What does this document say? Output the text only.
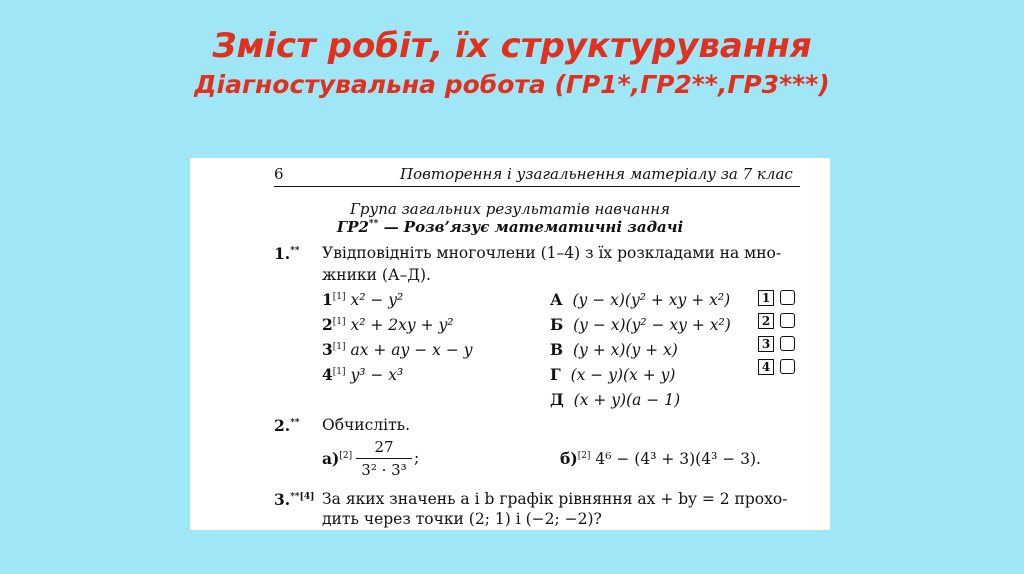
Зміст робіт, їх структурування
Діагностувальна робота (ГР1*,ГР2**,ГР3***)
6	Повторення і узагальнення матеріалу за 7 клас
Група загальних результатів навчання
ГР2** — Розв’язує математичні задачі
1.** Увідповідніть многочлени (1–4) з їх розкладами на мно-
жники (А–Д).
1[1] x² − y²
2[1] x² + 2xy + y²
3[1] ax + ay − x − y
4[1] y³ − x³
А (y − x)(y² + xy + x²)
Б (y − x)(y² − xy + x²)
В (y + x)(y + x)
Г (x − y)(x + y)
Д (x + y)(a − 1)
1
2
3
4
2.** Обчисліть.
а)[2]	27
3² · 3³
;	б)[2] 4⁶ − (4³ + 3)(4³ − 3).
3.$^{**[4]}$ За яких значень a і b графік рівняння ax + by = 2 прохо-
дить через точки (2; 1) і (−2; −2)?
